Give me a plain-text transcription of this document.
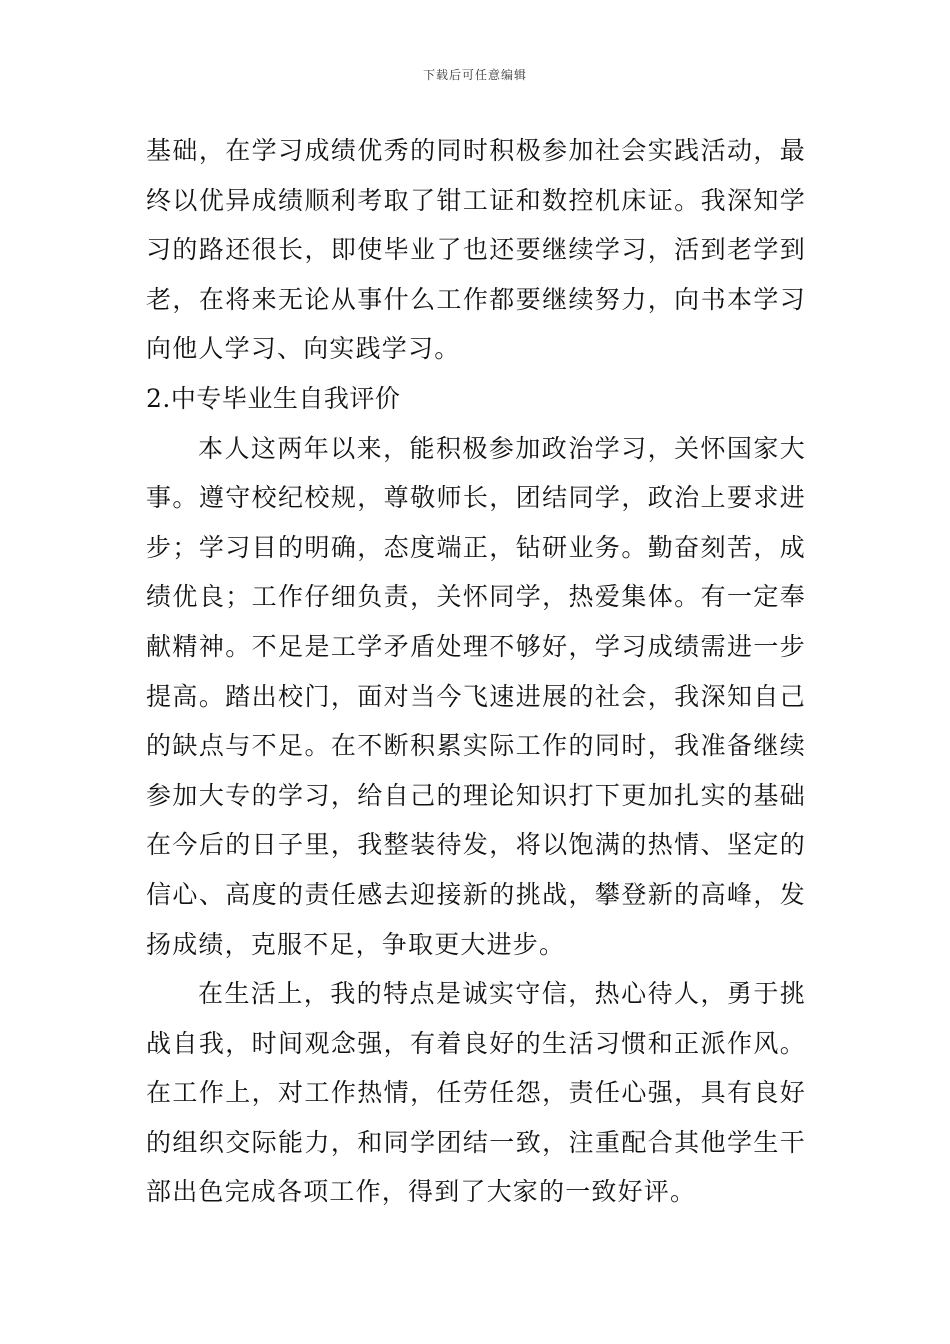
下载后可任意编辑

基础，在学习成绩优秀的同时积极参加社会实践活动，最终以优异成绩顺利考取了钳工证和数控机床证。我深知学习的路还很长，即使毕业了也还要继续学习，活到老学到老，在将来无论从事什么工作都要继续努力，向书本学习向他人学习、向实践学习。

2.中专毕业生自我评价

本人这两年以来，能积极参加政治学习，关怀国家大事。遵守校纪校规，尊敬师长，团结同学，政治上要求进步；学习目的明确，态度端正，钻研业务。勤奋刻苦，成绩优良；工作仔细负责，关怀同学，热爱集体。有一定奉献精神。不足是工学矛盾处理不够好，学习成绩需进一步提高。踏出校门，面对当今飞速进展的社会，我深知自己的缺点与不足。在不断积累实际工作的同时，我准备继续参加大专的学习，给自己的理论知识打下更加扎实的基础在今后的日子里，我整装待发，将以饱满的热情、坚定的信心、高度的责任感去迎接新的挑战，攀登新的高峰，发扬成绩，克服不足，争取更大进步。

在生活上，我的特点是诚实守信，热心待人，勇于挑战自我，时间观念强，有着良好的生活习惯和正派作风。在工作上，对工作热情，任劳任怨，责任心强，具有良好的组织交际能力，和同学团结一致，注重配合其他学生干部出色完成各项工作，得到了大家的一致好评。
